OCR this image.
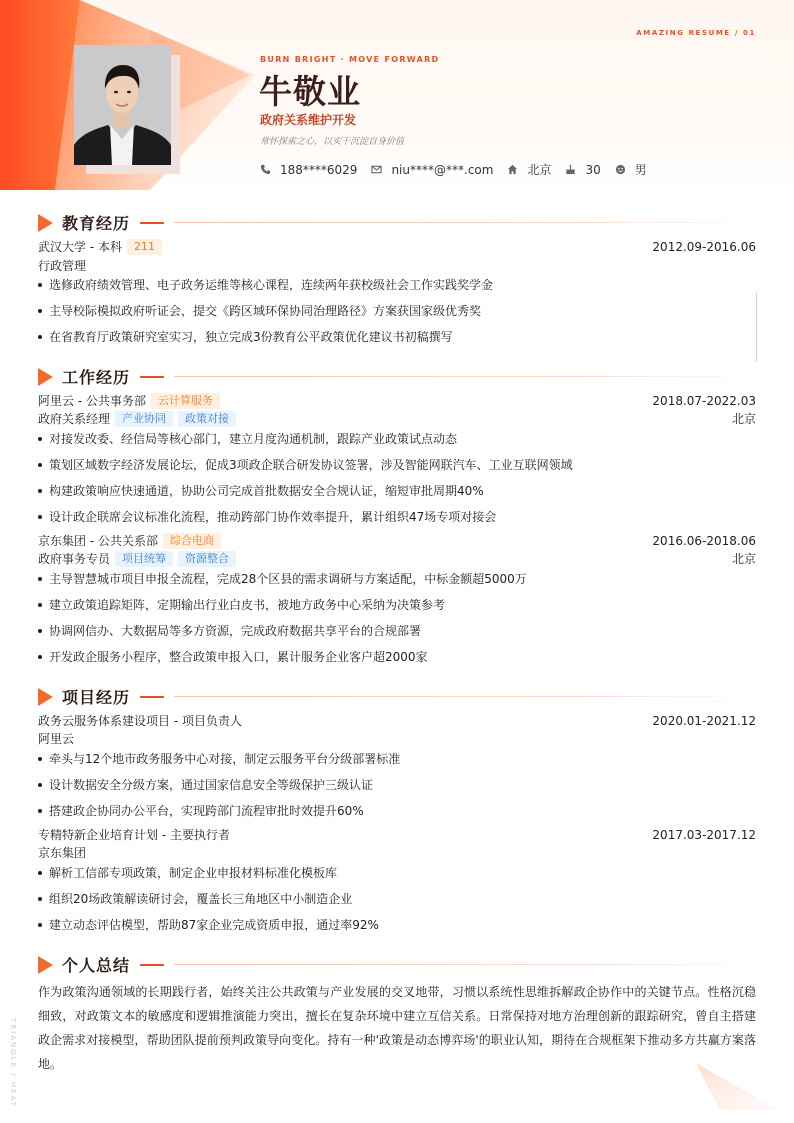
AMAZING RESUME / 01
BURN BRIGHT · MOVE FORWARD
牛敬业
政府关系维护开发
常怀探索之心，以实干沉淀自身价值
188****6029	niu****@***.com	北京	30	男
教育经历
武汉大学 - 本科	211	2012.09-2016.06
行政管理
选修政府绩效管理、电子政务运维等核心课程，连续两年获校级社会工作实践奖学金
主导校际模拟政府听证会，提交《跨区域环保协同治理路径》方案获国家级优秀奖
在省教育厅政策研究室实习，独立完成3份教育公平政策优化建议书初稿撰写
工作经历
阿里云 - 公共事务部	云计算服务	2018.07-2022.03
政府关系经理	产业协同	政策对接	北京
对接发改委、经信局等核心部门，建立月度沟通机制，跟踪产业政策试点动态
策划区域数字经济发展论坛，促成3项政企联合研发协议签署，涉及智能网联汽车、工业互联网领域
构建政策响应快速通道，协助公司完成首批数据安全合规认证，缩短审批周期40%
设计政企联席会议标准化流程，推动跨部门协作效率提升，累计组织47场专项对接会
京东集团 - 公共关系部	综合电商	2016.06-2018.06
政府事务专员	项目统筹	资源整合	北京
主导智慧城市项目申报全流程，完成28个区县的需求调研与方案适配，中标金额超5000万
建立政策追踪矩阵，定期输出行业白皮书，被地方政务中心采纳为决策参考
协调网信办、大数据局等多方资源，完成政府数据共享平台的合规部署
开发政企服务小程序，整合政策申报入口，累计服务企业客户超2000家
项目经历
政务云服务体系建设项目 - 项目负责人	2020.01-2021.12
阿里云
牵头与12个地市政务服务中心对接，制定云服务平台分级部署标准
设计数据安全分级方案，通过国家信息安全等级保护三级认证
搭建政企协同办公平台，实现跨部门流程审批时效提升60%
专精特新企业培育计划 - 主要执行者	2017.03-2017.12
京东集团
解析工信部专项政策，制定企业申报材料标准化模板库
组织20场政策解读研讨会，覆盖长三角地区中小制造企业
建立动态评估模型，帮助87家企业完成资质申报，通过率92%
个人总结
作为政策沟通领域的长期践行者，始终关注公共政策与产业发展的交叉地带，习惯以系统性思维拆解政企协作中的关键节点。性格沉稳细致，对政策文本的敏感度和逻辑推演能力突出，擅长在复杂环境中建立互信关系。日常保持对地方治理创新的跟踪研究，曾自主搭建政企需求对接模型，帮助团队提前预判政策导向变化。持有一种'政策是动态博弈场'的职业认知，期待在合规框架下推动多方共赢方案落地。
TRIANGLE / HEAT
